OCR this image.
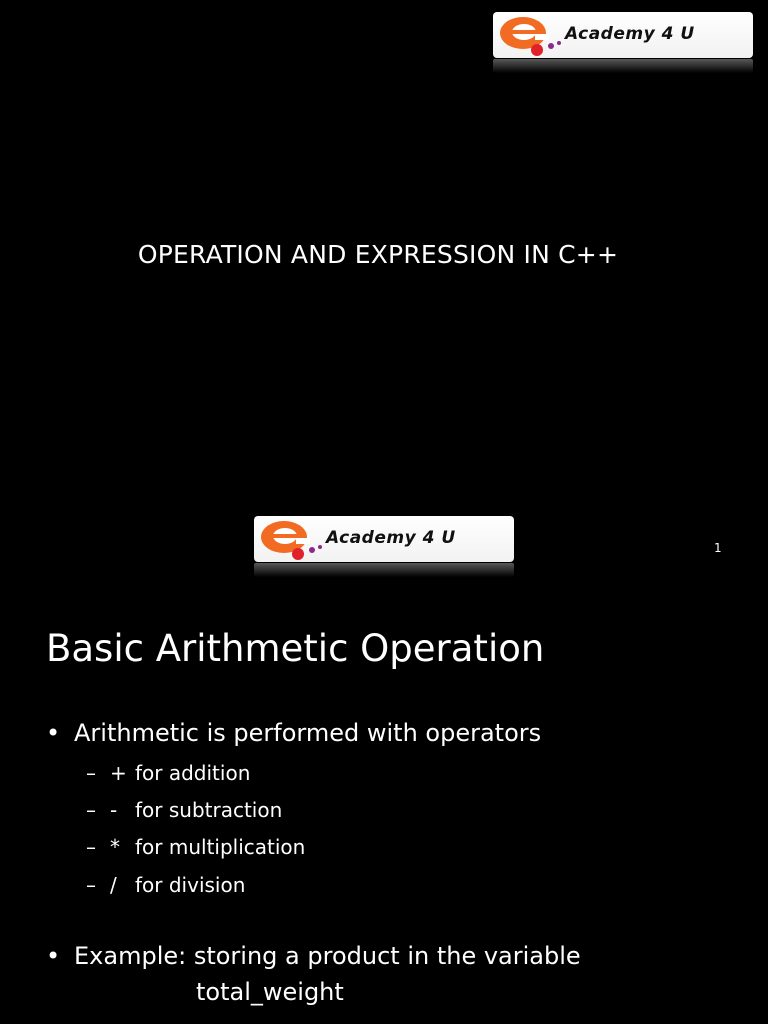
Academy 4 U
OPERATION AND EXPRESSION IN C++
Academy 4 U	1
Basic Arithmetic Operation
• Arithmetic is performed with operators
– + for addition
– - for subtraction
– * for multiplication
– / for division
• Example: storing a product in the variable
total_weight
